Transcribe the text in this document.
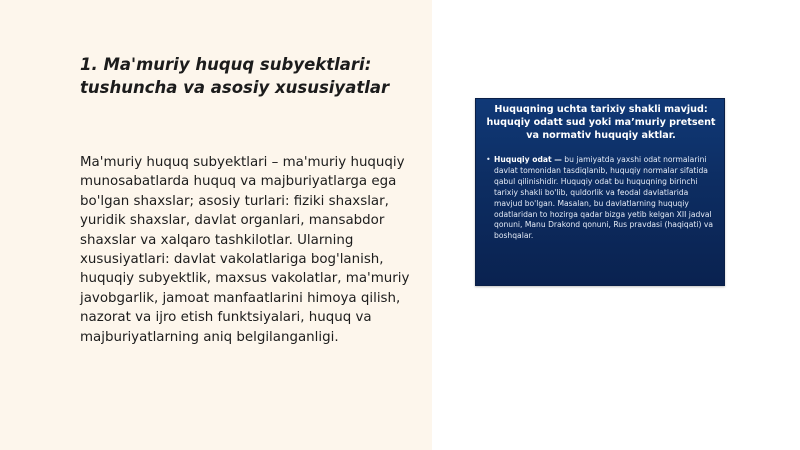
1. Ma'muriy huquq subyektlari: tushuncha va asosiy xususiyatlar

Ma'muriy huquq subyektlari – ma'muriy huquqiy munosabatlarda huquq va majburiyatlarga ega bo'lgan shaxslar; asosiy turlari: fiziki shaxslar, yuridik shaxslar, davlat organlari, mansabdor shaxslar va xalqaro tashkilotlar. Ularning xususiyatlari: davlat vakolatlariga bog'lanish, huquqiy subyektlik, maxsus vakolatlar, ma'muriy javobgarlik, jamoat manfaatlarini himoya qilish, nazorat va ijro etish funktsiyalari, huquq va majburiyatlarning aniq belgilanganligi.

Huquqning uchta tarixiy shakli mavjud: huquqiy odatt sud yoki ma’muriy pretsent va normativ huquqiy aktlar.
• Huquqiy odat — bu jamiyatda yaxshi odat normalarini davlat tomonidan tasdiqlanib, huquqiy normalar sifatida qabul qilinishidir. Huquqiy odat bu huquqning birinchi tarixiy shakli bo'lib, quldorlik va feodal davlatlarida mavjud bo'lgan. Masalan, bu davlatlarning huquqiy odatlaridan to hozirga qadar bizga yetib kelgan XII jadval qonuni, Manu Drakond qonuni, Rus pravdasi (haqiqati) va boshqalar.
